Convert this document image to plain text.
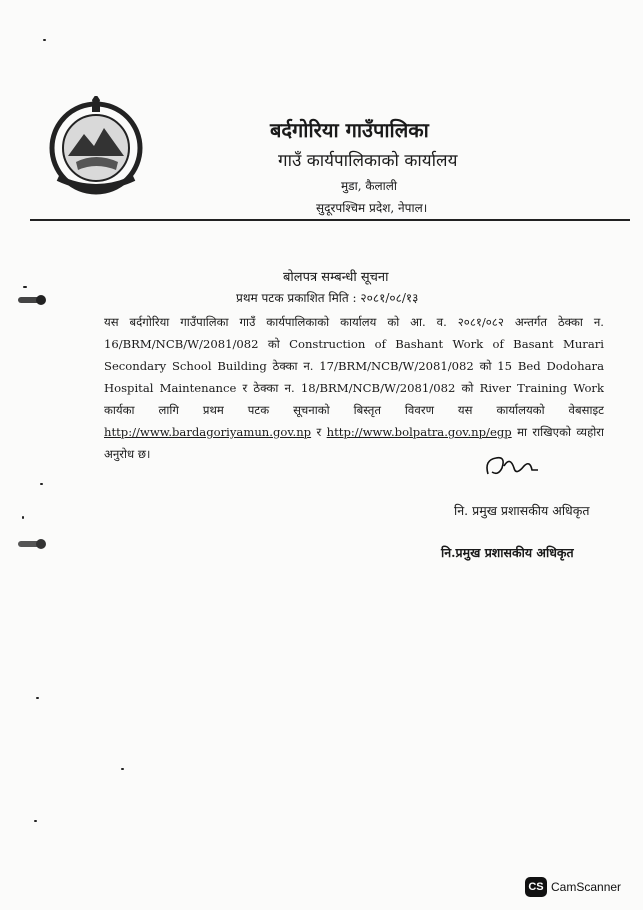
बर्दगोरिया गाउँपालिका
गाउँ कार्यपालिकाको कार्यालय
मुडा, कैलाली
सुदूरपश्चिम प्रदेश, नेपाल।
बोलपत्र सम्बन्धी सूचना
प्रथम पटक प्रकाशित मिति : २०८१/०८/१३
यस बर्दगोरिया गाउँपालिका गाउँ कार्यपालिकाको कार्यालय को आ. व. २०८१/०८२ अन्तर्गत ठेक्का न.
16/BRM/NCB/W/2081/082 को Construction of Bashant Work of Basant Murari
Secondary School Building ठेक्का न. 17/BRM/NCB/W/2081/082 को 15 Bed Dodohara
Hospital Maintenance र ठेक्का न. 18/BRM/NCB/W/2081/082 को River Training Work
कार्यका लागि प्रथम पटक सूचनाको बिस्तृत विवरण यस कार्यालयको वेबसाइट
http://www.bardagoriyamun.gov.np र http://www.bolpatra.gov.np/egp मा राखिएको व्यहोरा
अनुरोध छ।
नि. प्रमुख प्रशासकीय अधिकृत
नि.प्रमुख प्रशासकीय अधिकृत
CS CamScanner
